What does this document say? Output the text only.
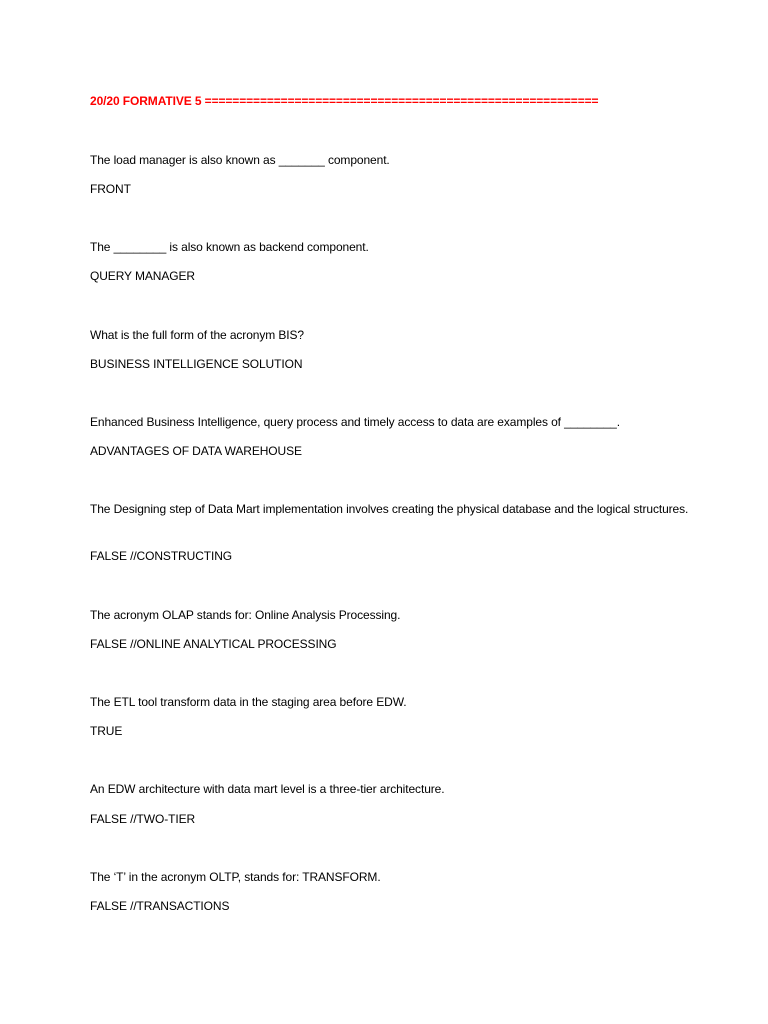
20/20 FORMATIVE 5 =========================================================
The load manager is also known as _______ component.
FRONT
The ________ is also known as backend component.
QUERY MANAGER
What is the full form of the acronym BIS?
BUSINESS INTELLIGENCE SOLUTION
Enhanced Business Intelligence, query process and timely access to data are examples of ________.
ADVANTAGES OF DATA WAREHOUSE
The Designing step of Data Mart implementation involves creating the physical database and the logical structures.
FALSE //CONSTRUCTING
The acronym OLAP stands for: Online Analysis Processing.
FALSE //ONLINE ANALYTICAL PROCESSING
The ETL tool transform data in the staging area before EDW.
TRUE
An EDW architecture with data mart level is a three-tier architecture.
FALSE //TWO-TIER
The ‘T’ in the acronym OLTP, stands for: TRANSFORM.
FALSE //TRANSACTIONS
